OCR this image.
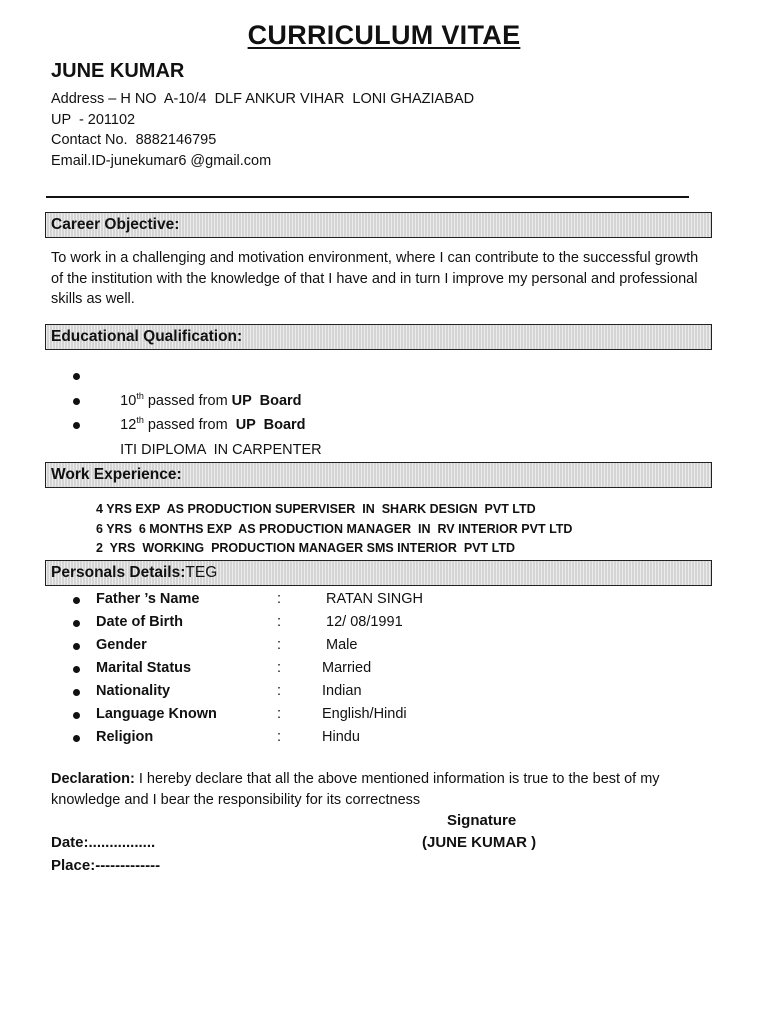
CURRICULUM VITAE
JUNE KUMAR
Address – H NO  A-10/4  DLF ANKUR VIHAR  LONI GHAZIABAD
UP  - 201102
Contact No.  8882146795
Email.ID-junekumar6 @gmail.com
Career Objective:
To work in a challenging and motivation environment, where I can contribute to the successful growth of the institution with the knowledge of that I have and in turn I improve my personal and professional skills as well.
Educational Qualification:

10th passed from UP  Board

12th passed from  UP  Board

ITI DIPLOMA  IN CARPENTER

Work Experience:
4 YRS EXP  AS PRODUCTION SUPERVISER  IN  SHARK DESIGN  PVT LTD
6 YRS  6 MONTHS EXP  AS PRODUCTION MANAGER  IN  RV INTERIOR PVT LTD
2  YRS  WORKING  PRODUCTION MANAGER SMS INTERIOR  PVT LTD
Personals Details:TEG
Father ’s Name	:	RATAN SINGH
Date of Birth	:	12/ 08/1991
Gender	:	Male
Marital Status	:	Married
Nationality	:	Indian
Language Known	:	English/Hindi
Religion	:	Hindu
Declaration: I hereby declare that all the above mentioned information is true to the best of my knowledge and I bear the responsibility for its correctness
Signature
(JUNE KUMAR )
Date:................
Place:-------------
